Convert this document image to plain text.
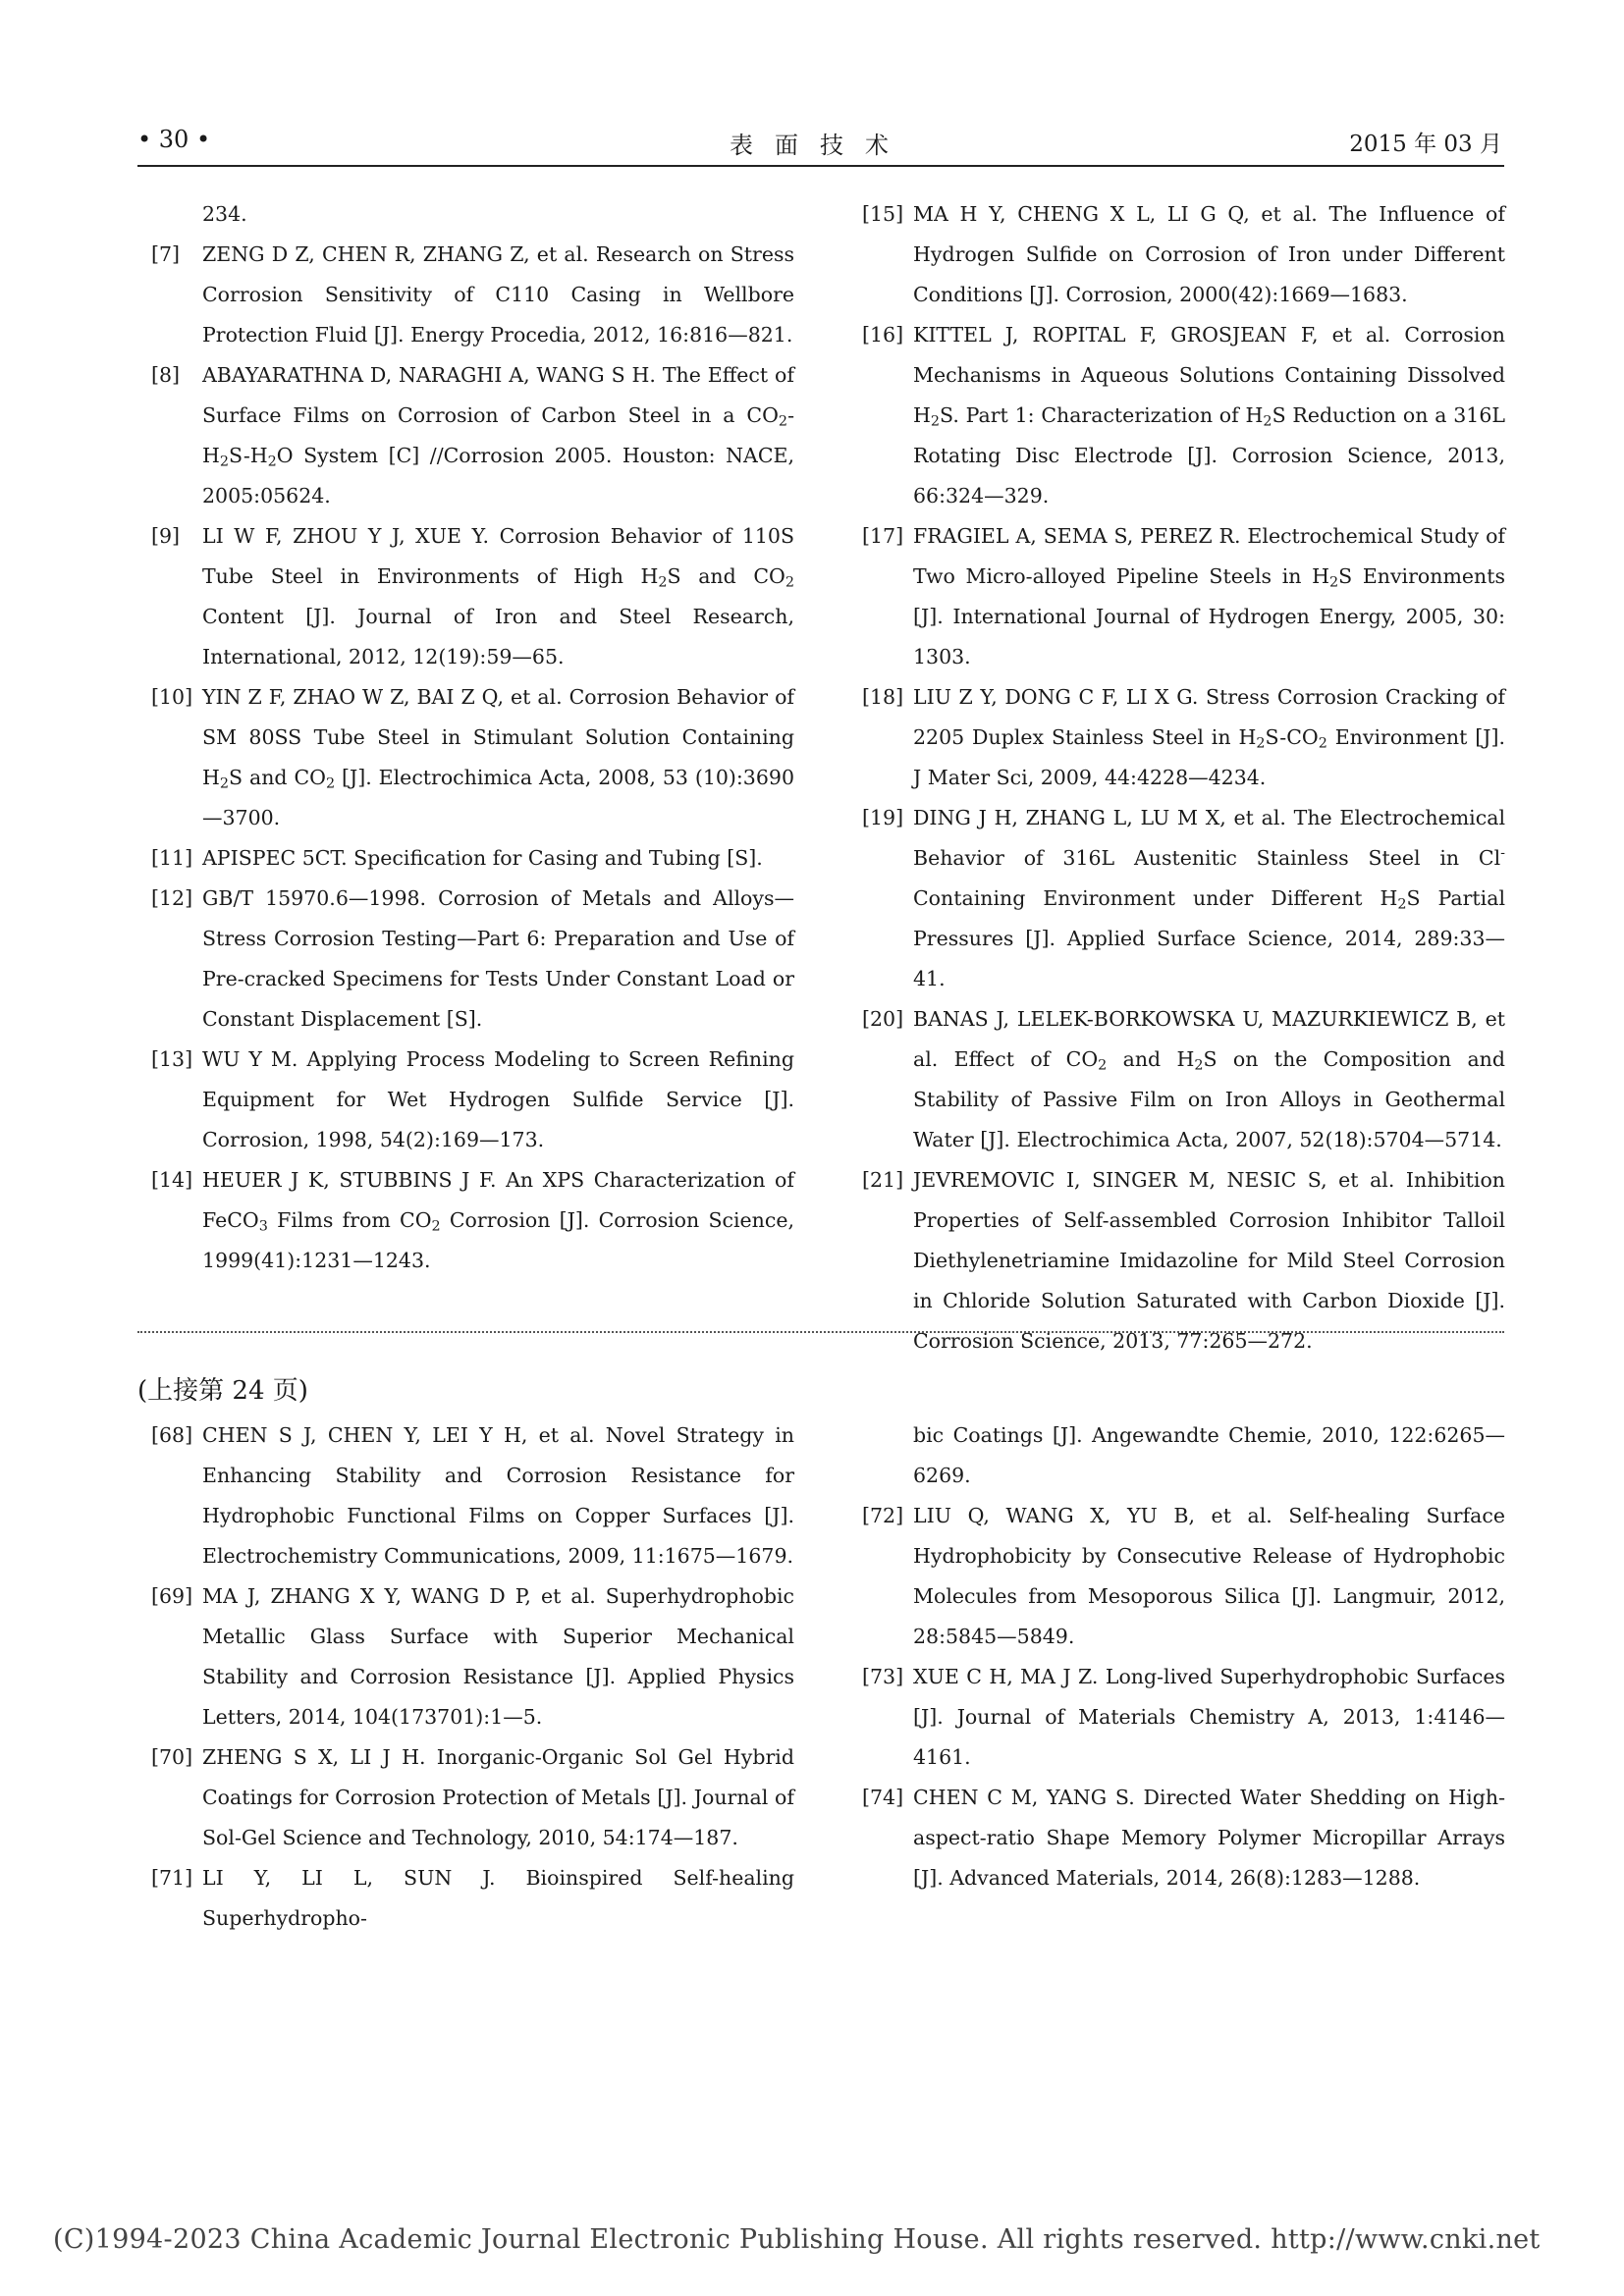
• 30 •	表面技术	2015 年 03 月
234.
[7] ZENG D Z, CHEN R, ZHANG Z, et al. Research on Stress Corrosion Sensitivity of C110 Casing in Wellbore Protection Fluid [J]. Energy Procedia, 2012, 16:816—821.
[8] ABAYARATHNA D, NARAGHI A, WANG S H. The Effect of Surface Films on Corrosion of Carbon Steel in a $CO_2-H_2S-H_2O$ System [C] //Corrosion 2005. Houston: NACE, 2005:05624.
[9] LI W F, ZHOU Y J, XUE Y. Corrosion Behavior of 110S Tube Steel in Environments of High $H_2S$ and $CO_2$ Content [J]. Journal of Iron and Steel Research, International, 2012, 12(19):59—65.
[10] YIN Z F, ZHAO W Z, BAI Z Q, et al. Corrosion Behavior of SM 80SS Tube Steel in Stimulant Solution Containing $H_2S$ and $CO_2$ [J]. Electrochimica Acta, 2008, 53 (10):3690—3700.
[11] APISPEC 5CT. Specification for Casing and Tubing [S].
[12] GB/T 15970.6—1998. Corrosion of Metals and Alloys—Stress Corrosion Testing—Part 6: Preparation and Use of Pre-cracked Specimens for Tests Under Constant Load or Constant Displacement [S].
[13] WU Y M. Applying Process Modeling to Screen Refining Equipment for Wet Hydrogen Sulfide Service [J]. Corrosion, 1998, 54(2):169—173.
[14] HEUER J K, STUBBINS J F. An XPS Characterization of FeCO$_3$ Films from $CO_2$ Corrosion [J]. Corrosion Science, 1999(41):1231—1243.
[15] MA H Y, CHENG X L, LI G Q, et al. The Influence of Hydrogen Sulfide on Corrosion of Iron under Different Conditions [J]. Corrosion, 2000(42):1669—1683.
[16] KITTEL J, ROPITAL F, GROSJEAN F, et al. Corrosion Mechanisms in Aqueous Solutions Containing Dissolved $H_2S$. Part 1: Characterization of $H_2S$ Reduction on a 316L Rotating Disc Electrode [J]. Corrosion Science, 2013, 66:324—329.
[17] FRAGIEL A, SEMA S, PEREZ R. Electrochemical Study of Two Micro-alloyed Pipeline Steels in $H_2S$ Environments [J]. International Journal of Hydrogen Energy, 2005, 30: 1303.
[18] LIU Z Y, DONG C F, LI X G. Stress Corrosion Cracking of 2205 Duplex Stainless Steel in $H_2S-CO_2$ Environment [J]. J Mater Sci, 2009, 44:4228—4234.
[19] DING J H, ZHANG L, LU M X, et al. The Electrochemical Behavior of 316L Austenitic Stainless Steel in Cl- Containing Environment under Different $H_2S$ Partial Pressures [J]. Applied Surface Science, 2014, 289:33—41.
[20] BANAS J, LELEK-BORKOWSKA U, MAZURKIEWICZ B, et al. Effect of $CO_2$ and $H_2S$ on the Composition and Stability of Passive Film on Iron Alloys in Geothermal Water [J]. Electrochimica Acta, 2007, 52(18):5704—5714.
[21] JEVREMOVIC I, SINGER M, NESIC S, et al. Inhibition Properties of Self-assembled Corrosion Inhibitor Talloil Diethylenetriamine Imidazoline for Mild Steel Corrosion in Chloride Solution Saturated with Carbon Dioxide [J]. Corrosion Science, 2013, 77:265—272.
(上接第 24 页)
[68] CHEN S J, CHEN Y, LEI Y H, et al. Novel Strategy in Enhancing Stability and Corrosion Resistance for Hydrophobic Functional Films on Copper Surfaces [J]. Electrochemistry Communications, 2009, 11:1675—1679.
[69] MA J, ZHANG X Y, WANG D P, et al. Superhydrophobic Metallic Glass Surface with Superior Mechanical Stability and Corrosion Resistance [J]. Applied Physics Letters, 2014, 104(173701):1—5.
[70] ZHENG S X, LI J H. Inorganic-Organic Sol Gel Hybrid Coatings for Corrosion Protection of Metals [J]. Journal of Sol-Gel Science and Technology, 2010, 54:174—187.
[71] LI Y, LI L, SUN J. Bioinspired Self-healing Superhydropho-
bic Coatings [J]. Angewandte Chemie, 2010, 122:6265—6269.
[72] LIU Q, WANG X, YU B, et al. Self-healing Surface Hydrophobicity by Consecutive Release of Hydrophobic Molecules from Mesoporous Silica [J]. Langmuir, 2012, 28:5845—5849.
[73] XUE C H, MA J Z. Long-lived Superhydrophobic Surfaces [J]. Journal of Materials Chemistry A, 2013, 1:4146—4161.
[74] CHEN C M, YANG S. Directed Water Shedding on High-aspect-ratio Shape Memory Polymer Micropillar Arrays [J]. Advanced Materials, 2014, 26(8):1283—1288.
(C)1994-2023 China Academic Journal Electronic Publishing House. All rights reserved. http://www.cnki.net
